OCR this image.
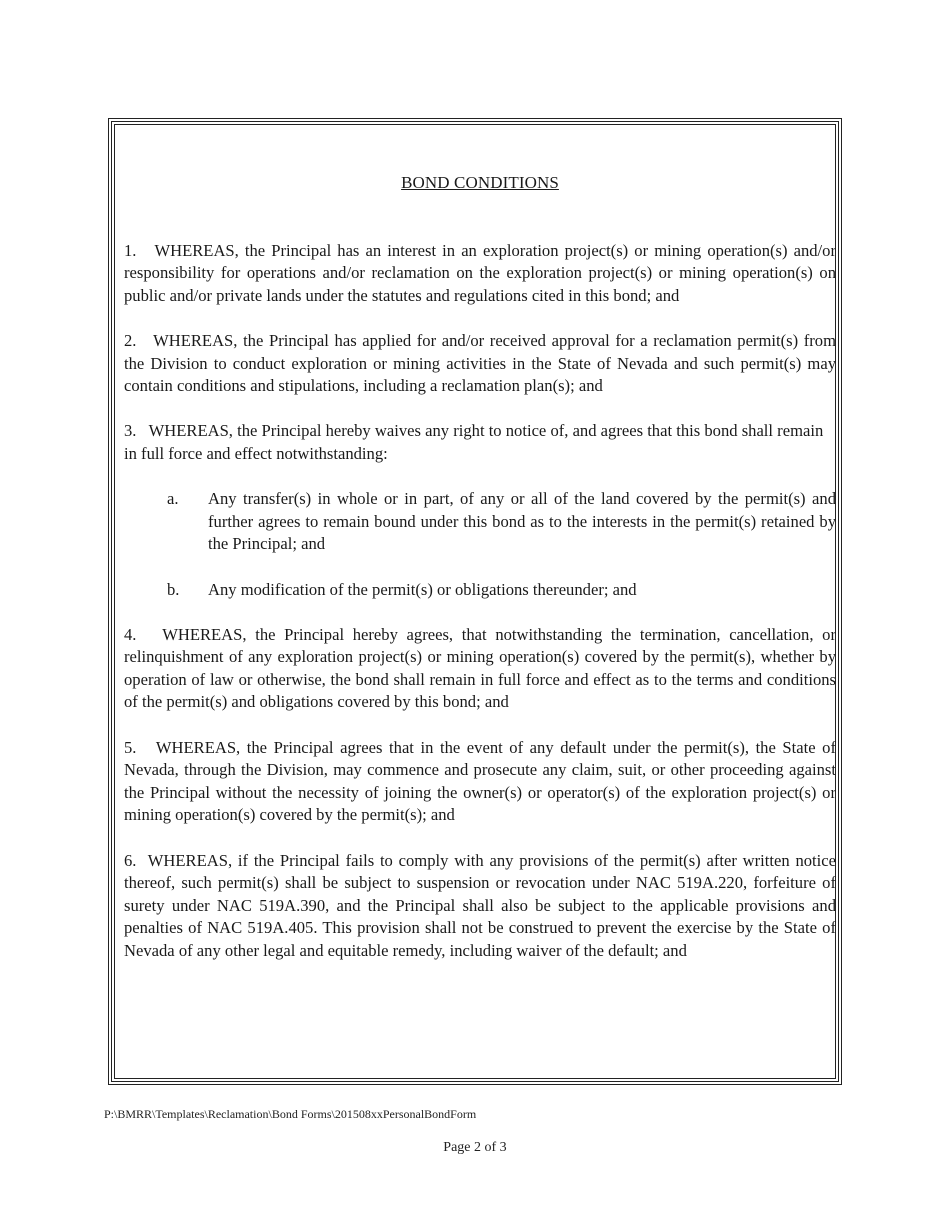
BOND CONDITIONS

1. WHEREAS, the Principal has an interest in an exploration project(s) or mining operation(s) and/or responsibility for operations and/or reclamation on the exploration project(s) or mining operation(s) on public and/or private lands under the statutes and regulations cited in this bond; and

2. WHEREAS, the Principal has applied for and/or received approval for a reclamation permit(s) from the Division to conduct exploration or mining activities in the State of Nevada and such permit(s) may contain conditions and stipulations, including a reclamation plan(s); and

3. WHEREAS, the Principal hereby waives any right to notice of, and agrees that this bond shall remain in full force and effect notwithstanding:

a. Any transfer(s) in whole or in part, of any or all of the land covered by the permit(s) and further agrees to remain bound under this bond as to the interests in the permit(s) retained by the Principal; and
b. Any modification of the permit(s) or obligations thereunder; and

4. WHEREAS, the Principal hereby agrees, that notwithstanding the termination, cancellation, or relinquishment of any exploration project(s) or mining operation(s) covered by the permit(s), whether by operation of law or otherwise, the bond shall remain in full force and effect as to the terms and conditions of the permit(s) and obligations covered by this bond; and

5. WHEREAS, the Principal agrees that in the event of any default under the permit(s), the State of Nevada, through the Division, may commence and prosecute any claim, suit, or other proceeding against the Principal without the necessity of joining the owner(s) or operator(s) of the exploration project(s) or mining operation(s) covered by the permit(s); and

6. WHEREAS, if the Principal fails to comply with any provisions of the permit(s) after written notice thereof, such permit(s) shall be subject to suspension or revocation under NAC 519A.220, forfeiture of surety under NAC 519A.390, and the Principal shall also be subject to the applicable provisions and penalties of NAC 519A.405. This provision shall not be construed to prevent the exercise by the State of Nevada of any other legal and equitable remedy, including waiver of the default; and

P:\BMRR\Templates\Reclamation\Bond Forms\201508xxPersonalBondForm
Page 2 of 3
